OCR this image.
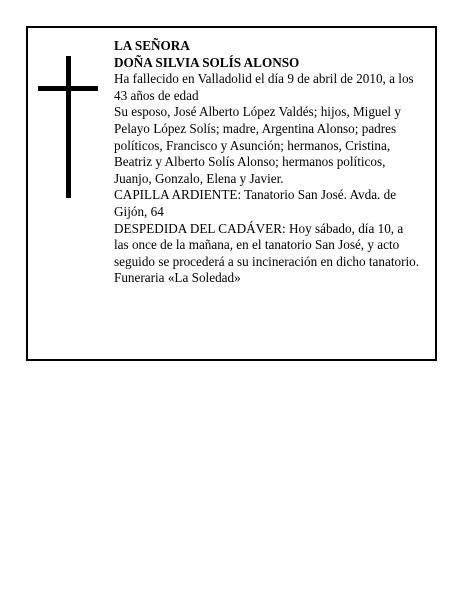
LA SEÑORA

DOÑA SILVIA SOLÍS ALONSO

Ha fallecido en Valladolid el día 9 de abril de 2010, a los 43 años de edad

Su esposo, José Alberto López Valdés; hijos, Miguel y Pelayo López Solís; madre, Argentina Alonso; padres políticos, Francisco y Asunción; hermanos, Cristina, Beatriz y Alberto Solís Alonso; hermanos políticos, Juanjo, Gonzalo, Elena y Javier.

CAPILLA ARDIENTE: Tanatorio San José. Avda. de Gijón, 64

DESPEDIDA DEL CADÁVER: Hoy sábado, día 10, a las once de la mañana, en el tanatorio San José, y acto seguido se procederá a su incineración en dicho tanatorio.

Funeraria «La Soledad»
